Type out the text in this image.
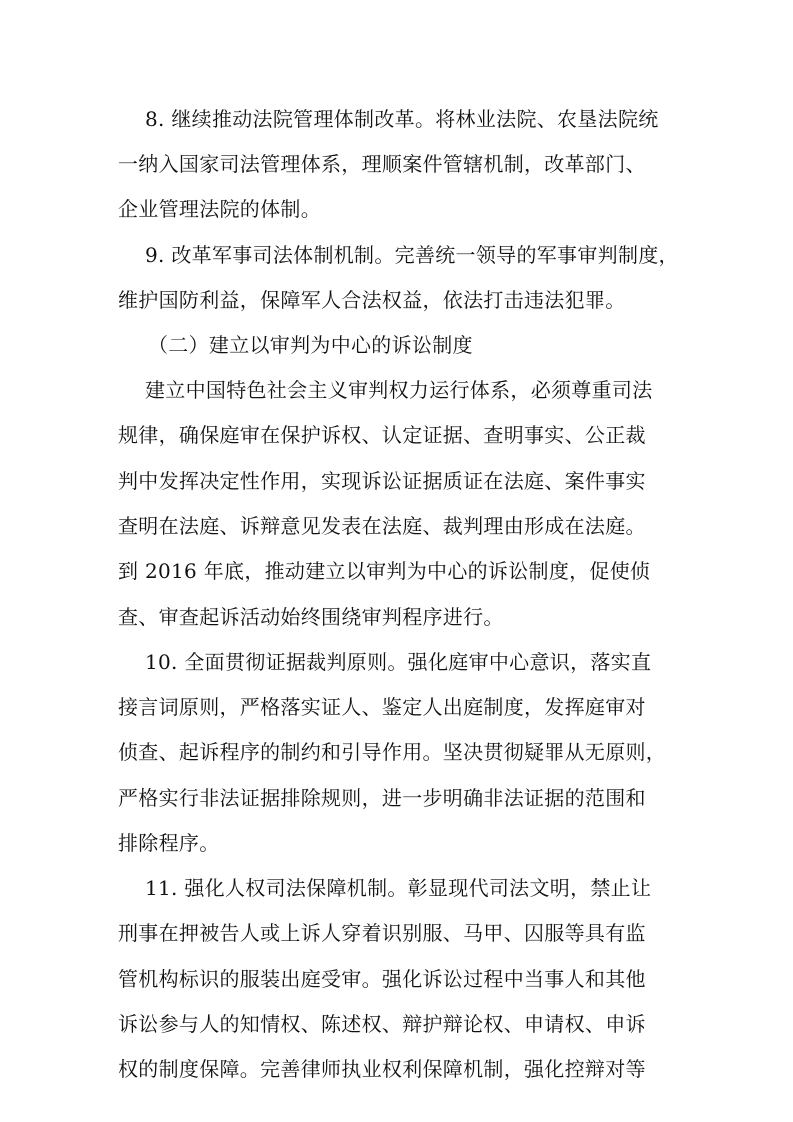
8. 继续推动法院管理体制改革。将林业法院、农垦法院统
一纳入国家司法管理体系，理顺案件管辖机制，改革部门、
企业管理法院的体制。
9. 改革军事司法体制机制。完善统一领导的军事审判制度，
维护国防利益，保障军人合法权益，依法打击违法犯罪。
（二）建立以审判为中心的诉讼制度
建立中国特色社会主义审判权力运行体系，必须尊重司法
规律，确保庭审在保护诉权、认定证据、查明事实、公正裁
判中发挥决定性作用，实现诉讼证据质证在法庭、案件事实
查明在法庭、诉辩意见发表在法庭、裁判理由形成在法庭。
到 2016 年底，推动建立以审判为中心的诉讼制度，促使侦
查、审查起诉活动始终围绕审判程序进行。
10. 全面贯彻证据裁判原则。强化庭审中心意识，落实直
接言词原则，严格落实证人、鉴定人出庭制度，发挥庭审对
侦查、起诉程序的制约和引导作用。坚决贯彻疑罪从无原则，
严格实行非法证据排除规则，进一步明确非法证据的范围和
排除程序。
11. 强化人权司法保障机制。彰显现代司法文明，禁止让
刑事在押被告人或上诉人穿着识别服、马甲、囚服等具有监
管机构标识的服装出庭受审。强化诉讼过程中当事人和其他
诉讼参与人的知情权、陈述权、辩护辩论权、申请权、申诉
权的制度保障。完善律师执业权利保障机制，强化控辩对等
